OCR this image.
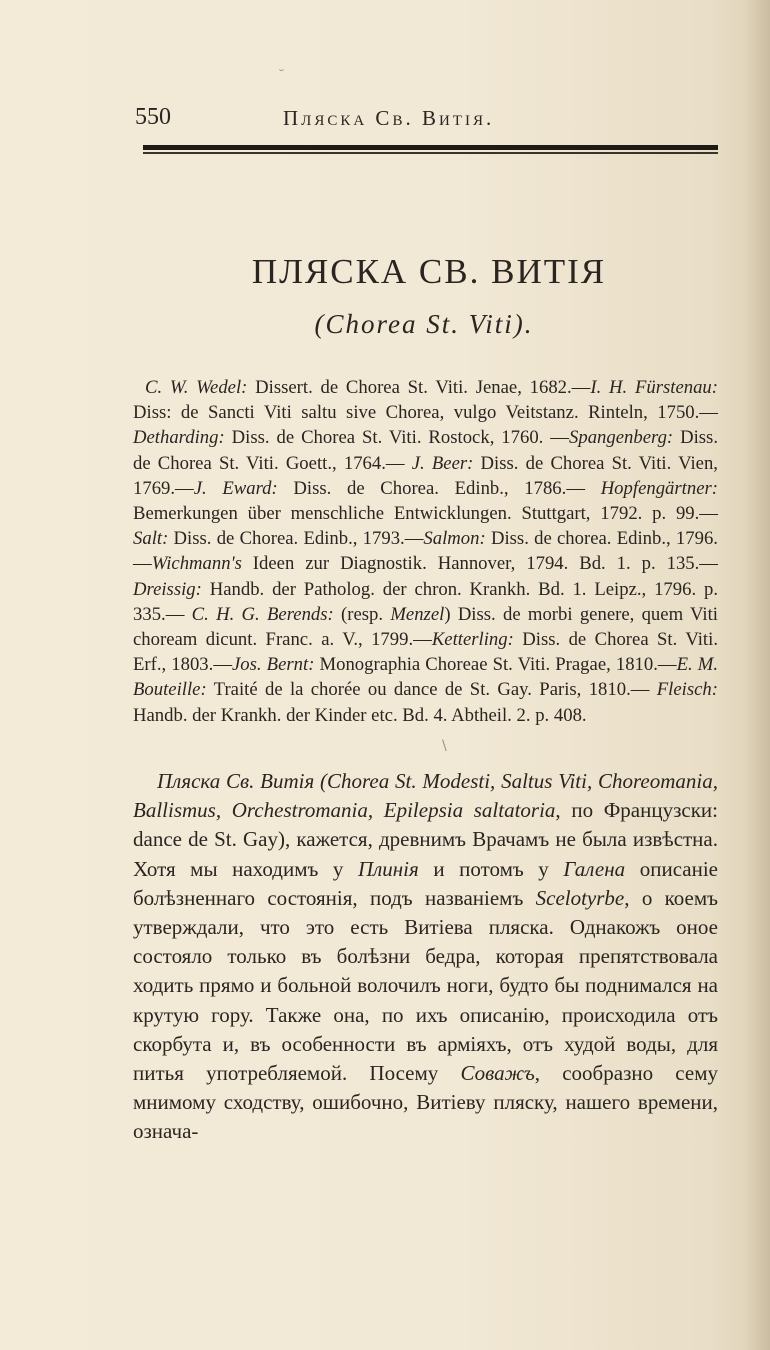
550	Пляска Св. Витія.
ПЛЯСКА СВ. ВИТІЯ
(Chorea St. Viti).
C. W. Wedel: Dissert. de Chorea St. Viti. Jenae, 1682.—I. H. Fürstenau: Diss: de Sancti Viti saltu sive Chorea, vulgo Veitstanz. Rinteln, 1750.—Detharding: Diss. de Chorea St. Viti. Rostock, 1760. —Spangenberg: Diss. de Chorea St. Viti. Goett., 1764.— J. Beer: Diss. de Chorea St. Viti. Vien, 1769.—J. Eward: Diss. de Chorea. Edinb., 1786.— Hopfengärtner: Bemerkungen über menschliche Entwicklungen. Stuttgart, 1792. p. 99.— Salt: Diss. de Chorea. Edinb., 1793.—Salmon: Diss. de chorea. Edinb., 1796.—Wichmann's Ideen zur Diagnostik. Hannover, 1794. Bd. 1. p. 135.— Dreissig: Handb. der Patholog. der chron. Krankh. Bd. 1. Leipz., 1796. p. 335.— C. H. G. Berends: (resp. Menzel) Diss. de morbi genere, quem Viti choream dicunt. Franc. a. V., 1799.—Ketterling: Diss. de Chorea St. Viti. Erf., 1803.—Jos. Bernt: Monographia Choreae St. Viti. Pragae, 1810.—E. M. Bouteille: Traité de la chorée ou dance de St. Gay. Paris, 1810.— Fleisch: Handb. der Krankh. der Kinder etc. Bd. 4. Abtheil. 2. p. 408.
Пляска Св. Витія (Chorea St. Modesti, Saltus Viti, Choreomania, Ballismus, Orchestromania, Epilepsia saltatoria, по Французски: dance de St. Gay), кажется, древнимъ Врачамъ не была извѣстна. Хотя мы находимъ у Плинія и потомъ у Галена описаніе болѣзненнаго состоянія, подъ названіемъ Scelotyrbe, о коемъ утверждали, что это есть Витіева пляска. Однакожъ оное состояло только въ болѣзни бедра, которая препятствовала ходить прямо и больной волочилъ ноги, будто бы поднимался на крутую гору. Также она, по ихъ описанію, происходила отъ скорбута и, въ особенности въ арміяхъ, отъ худой воды, для питья употребляемой. Посему Соважъ, сообразно сему мнимому сходству, ошибочно, Витіеву пляску, нашего времени, означа-
˘
\
